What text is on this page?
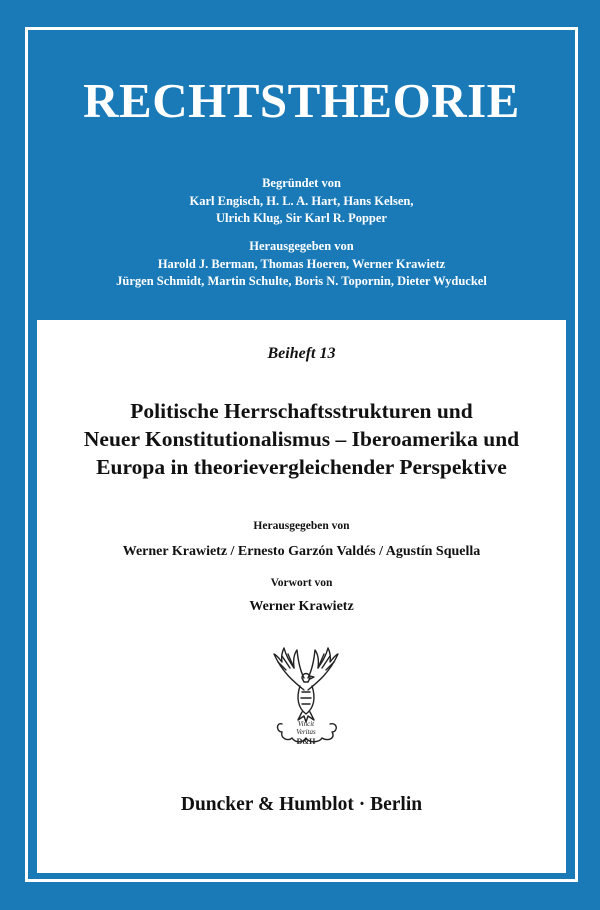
RECHTSTHEORIE
Begründet von
Karl Engisch, H. L. A. Hart, Hans Kelsen,
Ulrich Klug, Sir Karl R. Popper
Herausgegeben von
Harold J. Berman, Thomas Hoeren, Werner Krawietz
Jürgen Schmidt, Martin Schulte, Boris N. Topornin, Dieter Wyduckel
Beiheft 13
Politische Herrschaftsstrukturen und
Neuer Konstitutionalismus – Iberoamerika und
Europa in theorievergleichender Perspektive
Herausgegeben von
Werner Krawietz / Ernesto Garzón Valdés / Agustín Squella
Vorwort von
Werner Krawietz
Vincit
Veritas
D&H
Duncker & Humblot · Berlin
